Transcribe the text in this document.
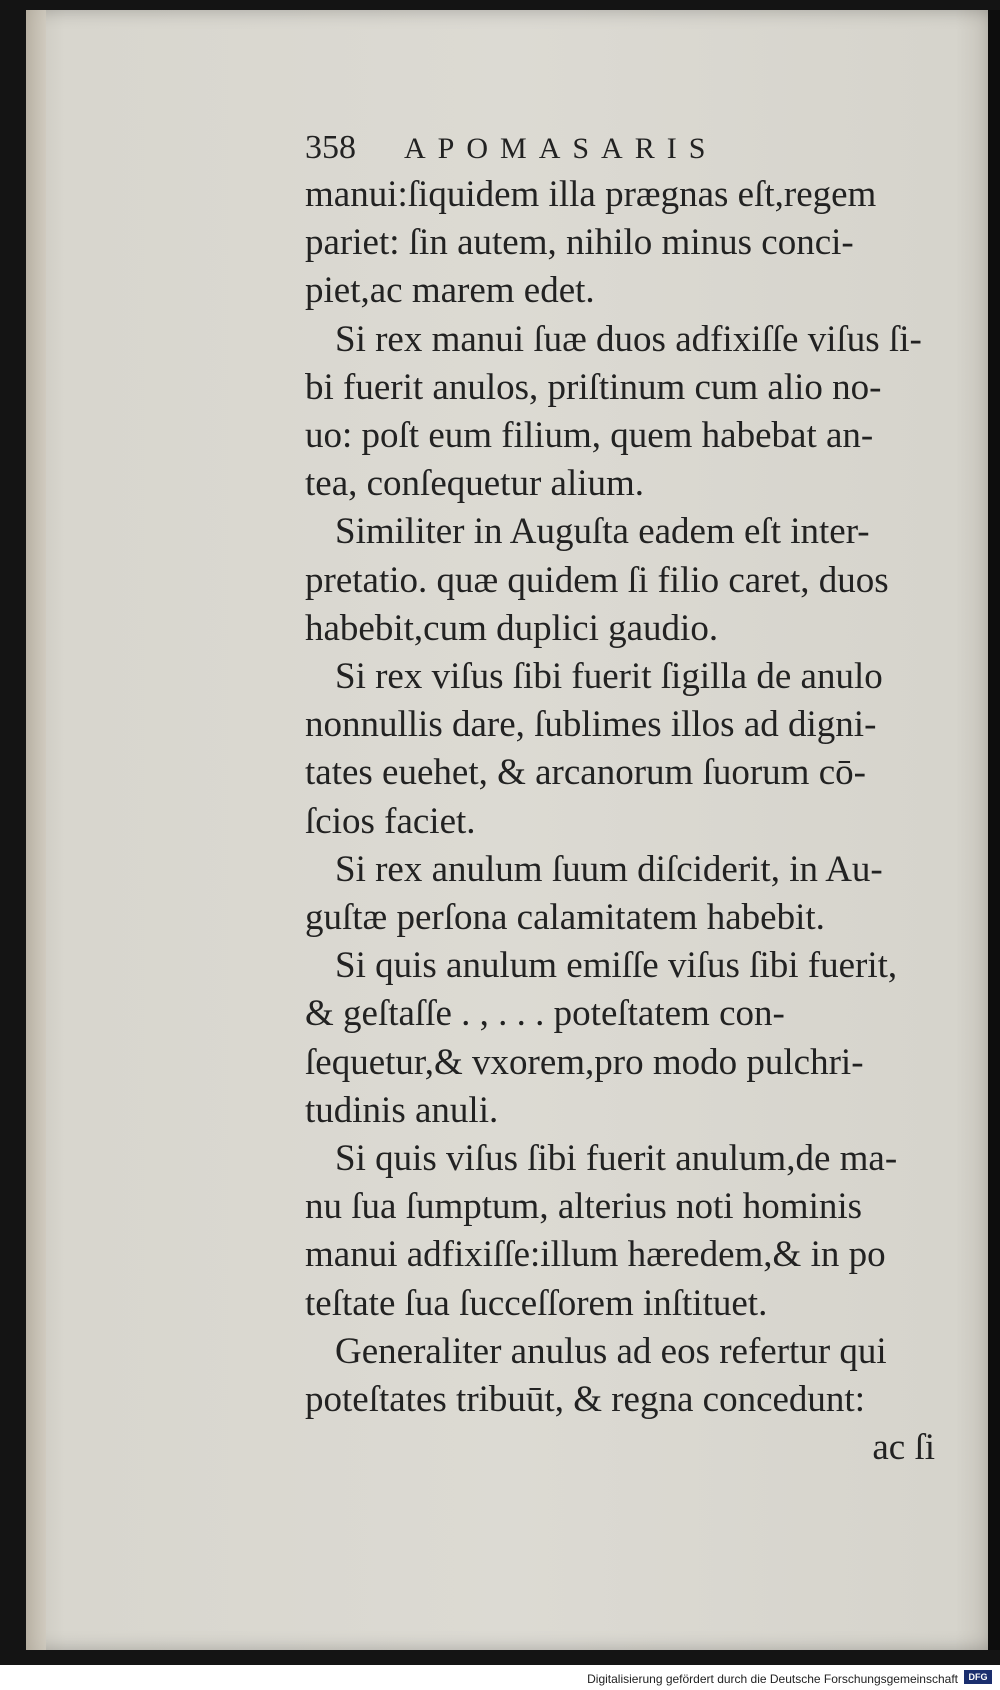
358 APOMASARIS
manui:ſiquidem illa prægnas eſt,regem
pariet: ſin autem, nihilo minus conci-
piet,ac marem edet.
Si rex manui ſuæ duos adfixiſſe viſus ſi-
bi fuerit anulos, priſtinum cum alio no-
uo: poſt eum filium, quem habebat an-
tea, conſequetur alium.
Similiter in Auguſta eadem eſt inter-
pretatio. quæ quidem ſi filio caret, duos
habebit,cum duplici gaudio.
Si rex viſus ſibi fuerit ſigilla de anulo
nonnullis dare, ſublimes illos ad digni-
tates euehet, & arcanorum ſuorum cō-
ſcios faciet.
Si rex anulum ſuum diſciderit, in Au-
guſtæ perſona calamitatem habebit.
Si quis anulum emiſſe viſus ſibi fuerit,
& geſtaſſe . , . . . poteſtatem con-
ſequetur,& vxorem,pro modo pulchri-
tudinis anuli.
Si quis viſus ſibi fuerit anulum,de ma-
nu ſua ſumptum, alterius noti hominis
manui adfixiſſe:illum hæredem,& in po
teſtate ſua ſucceſſorem inſtituet.
Generaliter anulus ad eos refertur qui
poteſtates tribuūt, & regna concedunt:
ac ſi
Digitalisierung gefördert durch die Deutsche Forschungsgemeinschaft	DFG
